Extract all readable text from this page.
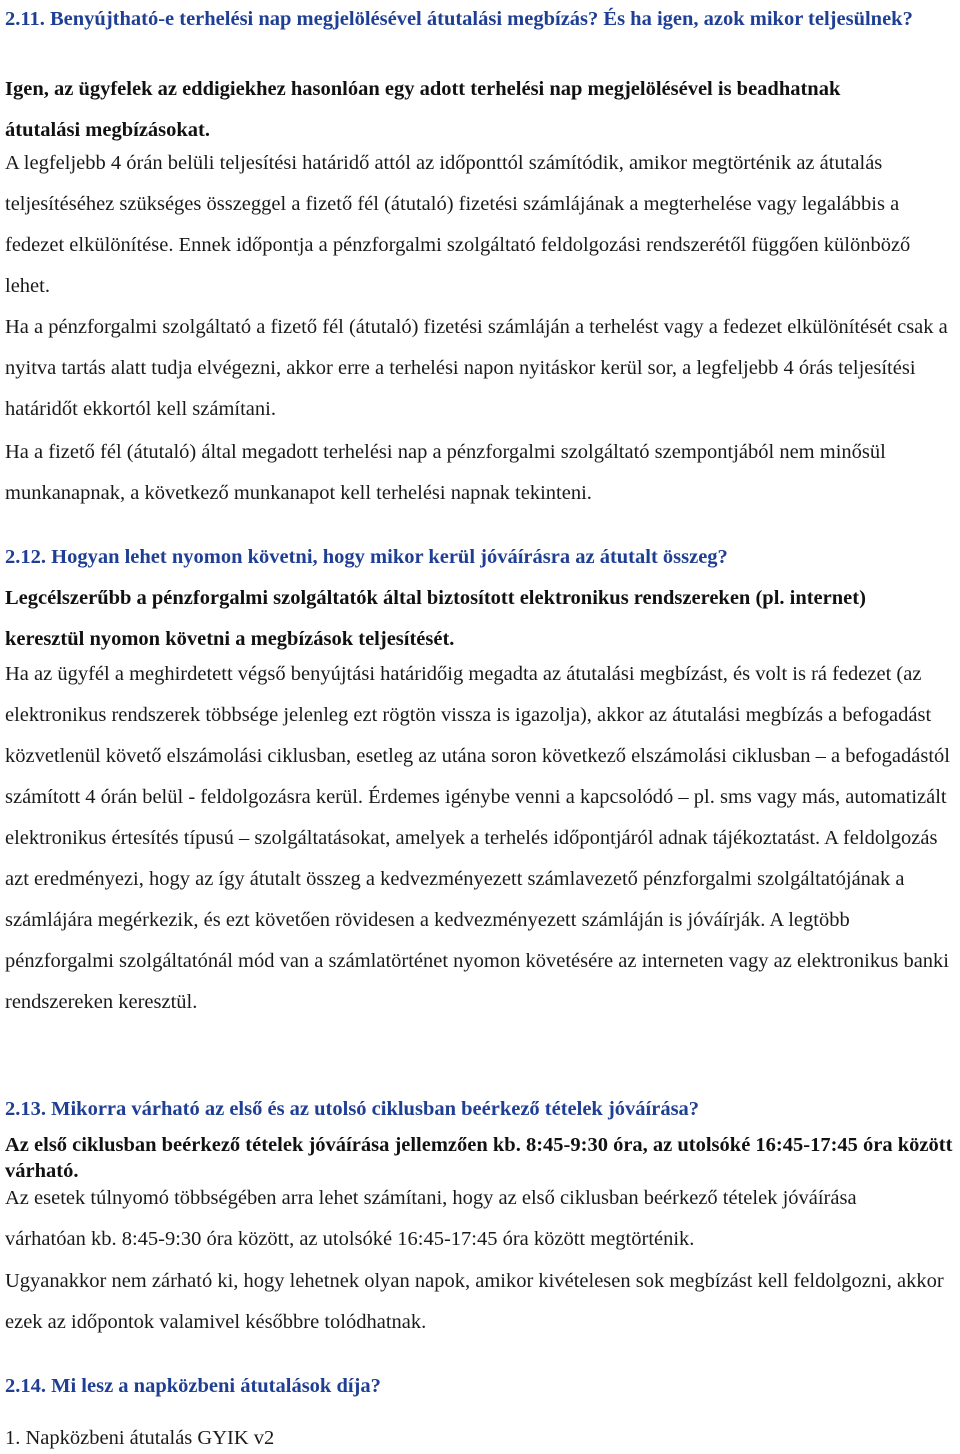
2.11. Benyújtható-e terhelési nap megjelölésével átutalási megbízás? És ha igen, azok mikor teljesülnek?

Igen, az ügyfelek az eddigiekhez hasonlóan egy adott terhelési nap megjelölésével is beadhatnak átutalási megbízásokat.

A legfeljebb 4 órán belüli teljesítési határidő attól az időponttól számítódik, amikor megtörténik az átutalás teljesítéséhez szükséges összeggel a fizető fél (átutaló) fizetési számlájának a megterhelése vagy legalábbis a fedezet elkülönítése. Ennek időpontja a pénzforgalmi szolgáltató feldolgozási rendszerétől függően különböző lehet.

Ha a pénzforgalmi szolgáltató a fizető fél (átutaló) fizetési számláján a terhelést vagy a fedezet elkülönítését csak a nyitva tartás alatt tudja elvégezni, akkor erre a terhelési napon nyitáskor kerül sor, a legfeljebb 4 órás teljesítési határidőt ekkortól kell számítani.

Ha a fizető fél (átutaló) által megadott terhelési nap a pénzforgalmi szolgáltató szempontjából nem minősül munkanapnak, a következő munkanapot kell terhelési napnak tekinteni.

2.12. Hogyan lehet nyomon követni, hogy mikor kerül jóváírásra az átutalt összeg?

Legcélszerűbb a pénzforgalmi szolgáltatók által biztosított elektronikus rendszereken (pl. internet) keresztül nyomon követni a megbízások teljesítését.

Ha az ügyfél a meghirdetett végső benyújtási határidőig megadta az átutalási megbízást, és volt is rá fedezet (az elektronikus rendszerek többsége jelenleg ezt rögtön vissza is igazolja), akkor az átutalási megbízás a befogadást közvetlenül követő elszámolási ciklusban, esetleg az utána soron következő elszámolási ciklusban – a befogadástól számított 4 órán belül - feldolgozásra kerül. Érdemes igénybe venni a kapcsolódó – pl. sms vagy más, automatizált elektronikus értesítés típusú – szolgáltatásokat, amelyek a terhelés időpontjáról adnak tájékoztatást. A feldolgozás azt eredményezi, hogy az így átutalt összeg a kedvezményezett számlavezető pénzforgalmi szolgáltatójának a számlájára megérkezik, és ezt követően rövidesen a kedvezményezett számláján is jóváírják. A legtöbb pénzforgalmi szolgáltatónál mód van a számlatörténet nyomon követésére az interneten vagy az elektronikus banki rendszereken keresztül.

2.13. Mikorra várható az első és az utolsó ciklusban beérkező tételek jóváírása?

Az első ciklusban beérkező tételek jóváírása jellemzően kb. 8:45-9:30 óra, az utolsóké 16:45-17:45 óra között várható.

Az esetek túlnyomó többségében arra lehet számítani, hogy az első ciklusban beérkező tételek jóváírása várhatóan kb. 8:45-9:30 óra között, az utolsóké 16:45-17:45 óra között megtörténik.

Ugyanakkor nem zárható ki, hogy lehetnek olyan napok, amikor kivételesen sok megbízást kell feldolgozni, akkor ezek az időpontok valamivel későbbre tolódhatnak.

2.14. Mi lesz a napközbeni átutalások díja?

1. Napközbeni átutalás GYIK v2
